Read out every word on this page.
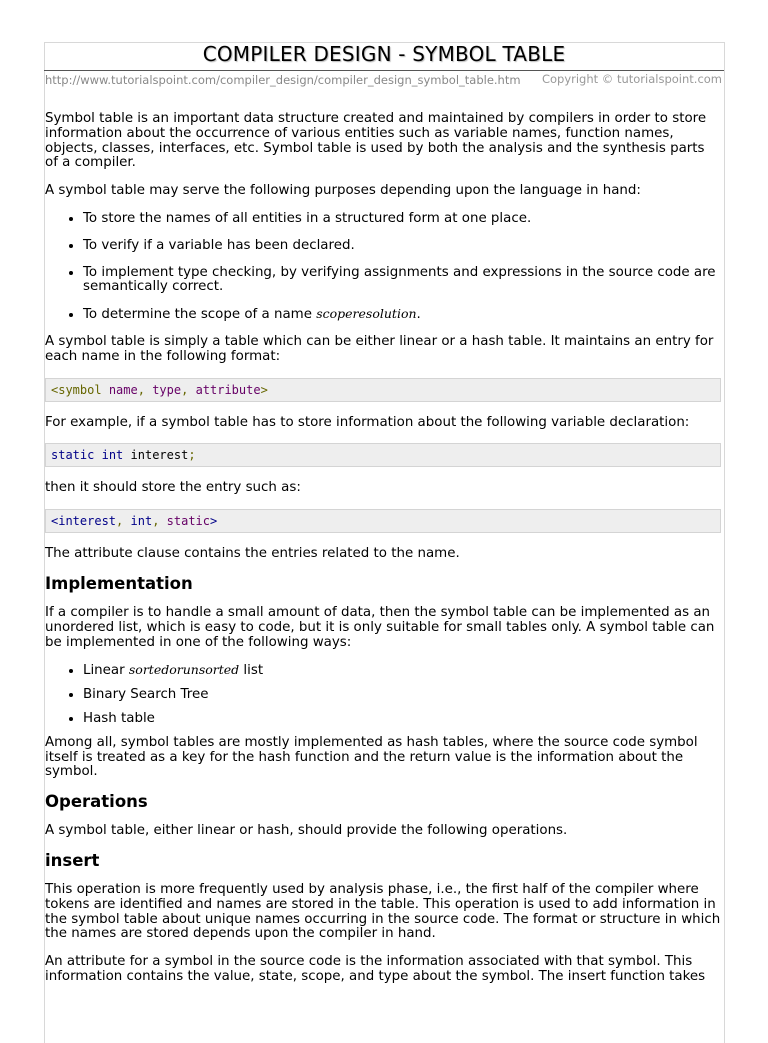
COMPILER DESIGN - SYMBOL TABLE
http://www.tutorialspoint.com/compiler_design/compiler_design_symbol_table.htm Copyright © tutorialspoint.com

Symbol table is an important data structure created and maintained by compilers in order to store information about the occurrence of various entities such as variable names, function names, objects, classes, interfaces, etc. Symbol table is used by both the analysis and the synthesis parts of a compiler.

A symbol table may serve the following purposes depending upon the language in hand:

• To store the names of all entities in a structured form at one place.
• To verify if a variable has been declared.
• To implement type checking, by verifying assignments and expressions in the source code are semantically correct.
• To determine the scope of a name scoperesolution.

A symbol table is simply a table which can be either linear or a hash table. It maintains an entry for each name in the following format:

<symbol name, type, attribute>

For example, if a symbol table has to store information about the following variable declaration:

static int interest;

then it should store the entry such as:

<interest, int, static>

The attribute clause contains the entries related to the name.

Implementation

If a compiler is to handle a small amount of data, then the symbol table can be implemented as an unordered list, which is easy to code, but it is only suitable for small tables only. A symbol table can be implemented in one of the following ways:

• Linear sortedorunsorted list
• Binary Search Tree
• Hash table

Among all, symbol tables are mostly implemented as hash tables, where the source code symbol itself is treated as a key for the hash function and the return value is the information about the symbol.

Operations

A symbol table, either linear or hash, should provide the following operations.

insert

This operation is more frequently used by analysis phase, i.e., the first half of the compiler where tokens are identified and names are stored in the table. This operation is used to add information in the symbol table about unique names occurring in the source code. The format or structure in which the names are stored depends upon the compiler in hand.

An attribute for a symbol in the source code is the information associated with that symbol. This information contains the value, state, scope, and type about the symbol. The insert function takes
